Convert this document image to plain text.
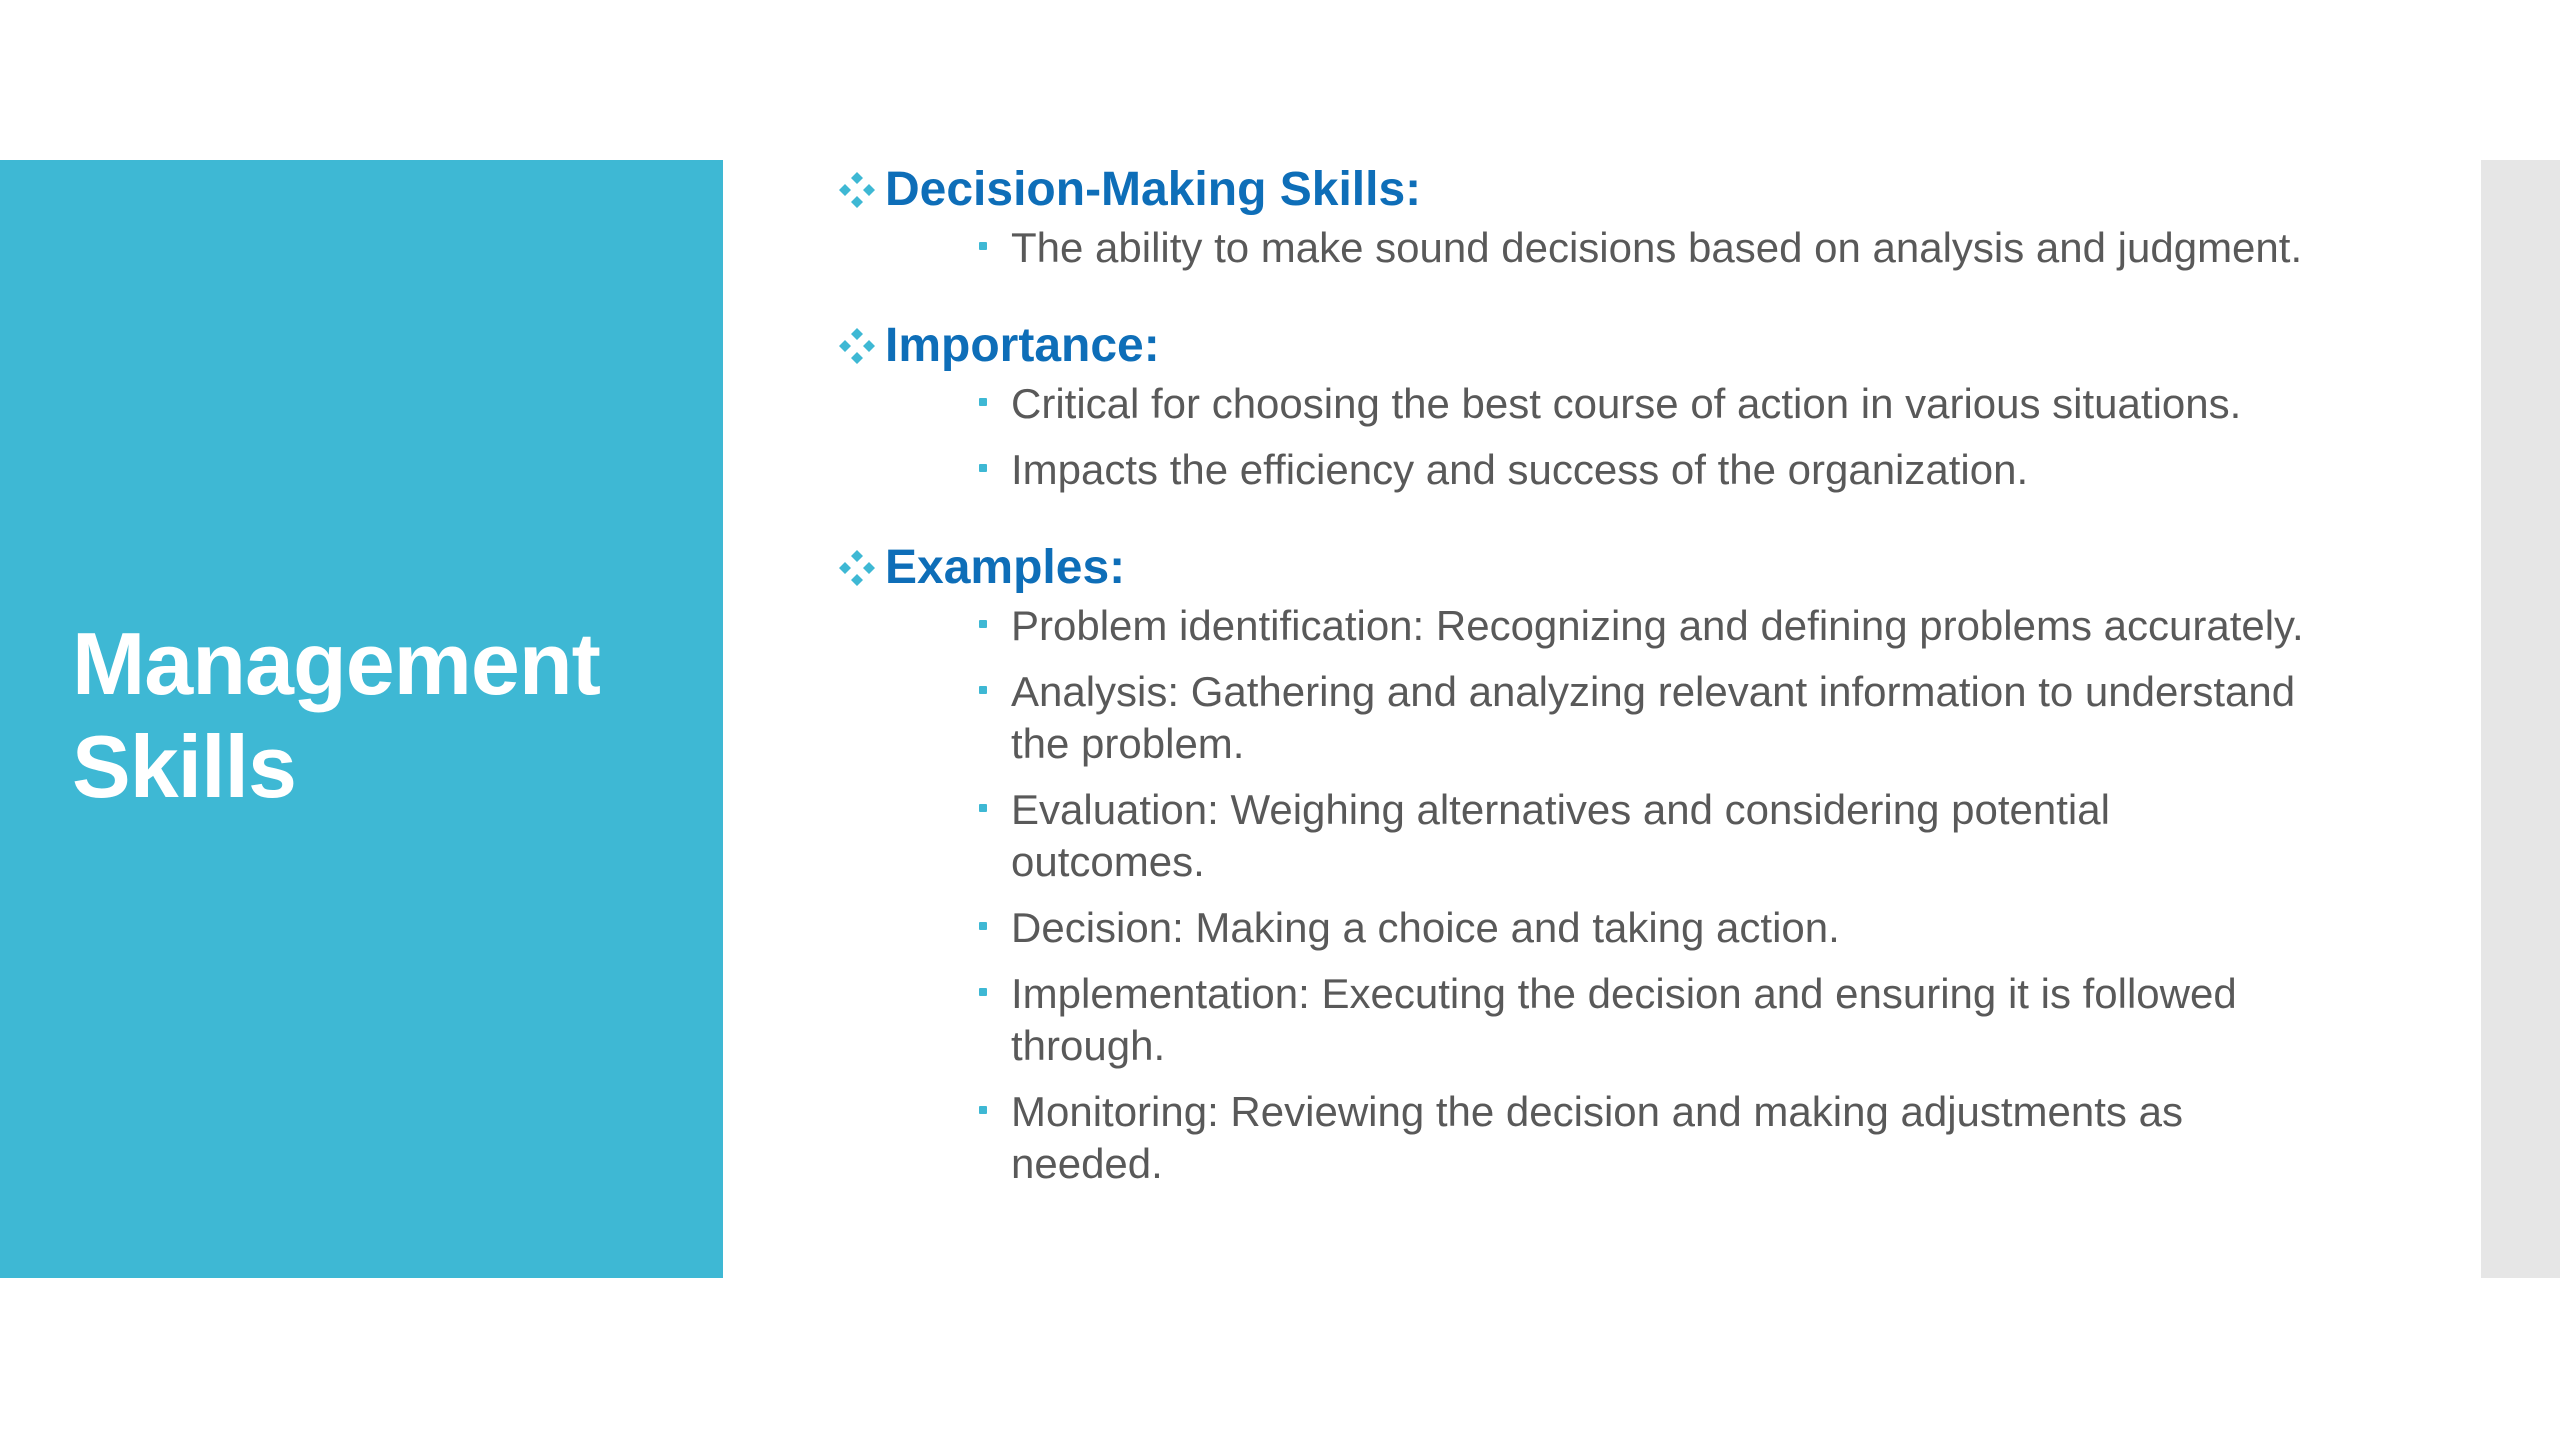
Management Skills
Decision-Making Skills:
The ability to make sound decisions based on analysis and judgment.
Importance:
Critical for choosing the best course of action in various situations.
Impacts the efficiency and success of the organization.
Examples:
Problem identification: Recognizing and defining problems accurately.
Analysis: Gathering and analyzing relevant information to understand the problem.
Evaluation: Weighing alternatives and considering potential outcomes.
Decision: Making a choice and taking action.
Implementation: Executing the decision and ensuring it is followed through.
Monitoring: Reviewing the decision and making adjustments as needed.
